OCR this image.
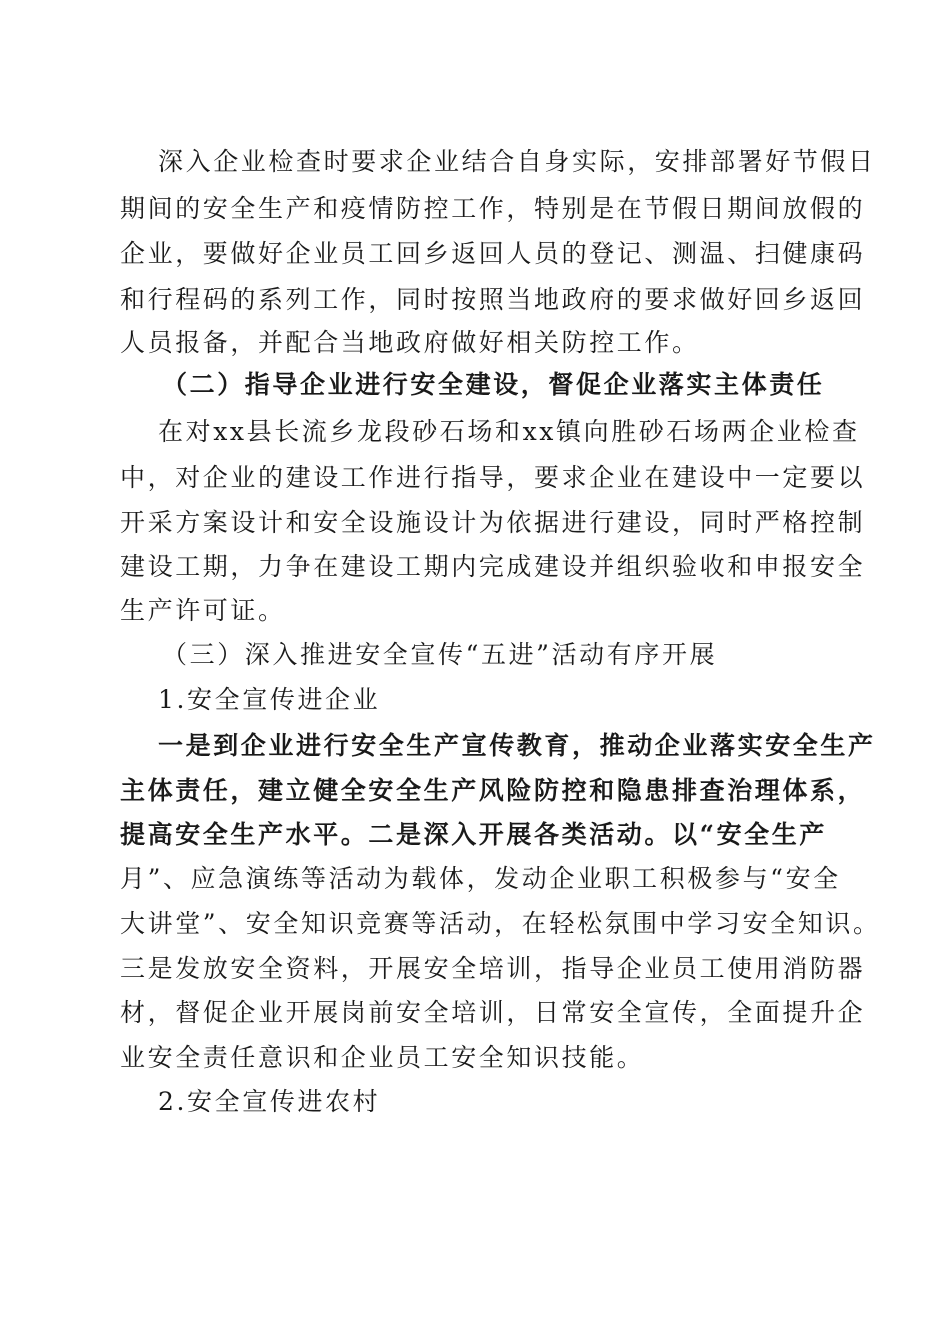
深入企业检查时要求企业结合自身实际，安排部署好节假日
期间的安全生产和疫情防控工作，特别是在节假日期间放假的
企业，要做好企业员工回乡返回人员的登记、测温、扫健康码
和行程码的系列工作，同时按照当地政府的要求做好回乡返回
人员报备，并配合当地政府做好相关防控工作。
（二）指导企业进行安全建设，督促企业落实主体责任
在对xx县长流乡龙段砂石场和xx镇向胜砂石场两企业检查
中，对企业的建设工作进行指导，要求企业在建设中一定要以
开采方案设计和安全设施设计为依据进行建设，同时严格控制
建设工期，力争在建设工期内完成建设并组织验收和申报安全
生产许可证。
（三）深入推进安全宣传“五进”活动有序开展
1.安全宣传进企业
一是到企业进行安全生产宣传教育，推动企业落实安全生产
主体责任，建立健全安全生产风险防控和隐患排查治理体系，
提高安全生产水平。二是深入开展各类活动。以“安全生产
月”、应急演练等活动为载体，发动企业职工积极参与“安全
大讲堂”、安全知识竞赛等活动，在轻松氛围中学习安全知识。
三是发放安全资料，开展安全培训，指导企业员工使用消防器
材，督促企业开展岗前安全培训，日常安全宣传，全面提升企
业安全责任意识和企业员工安全知识技能。
2.安全宣传进农村
